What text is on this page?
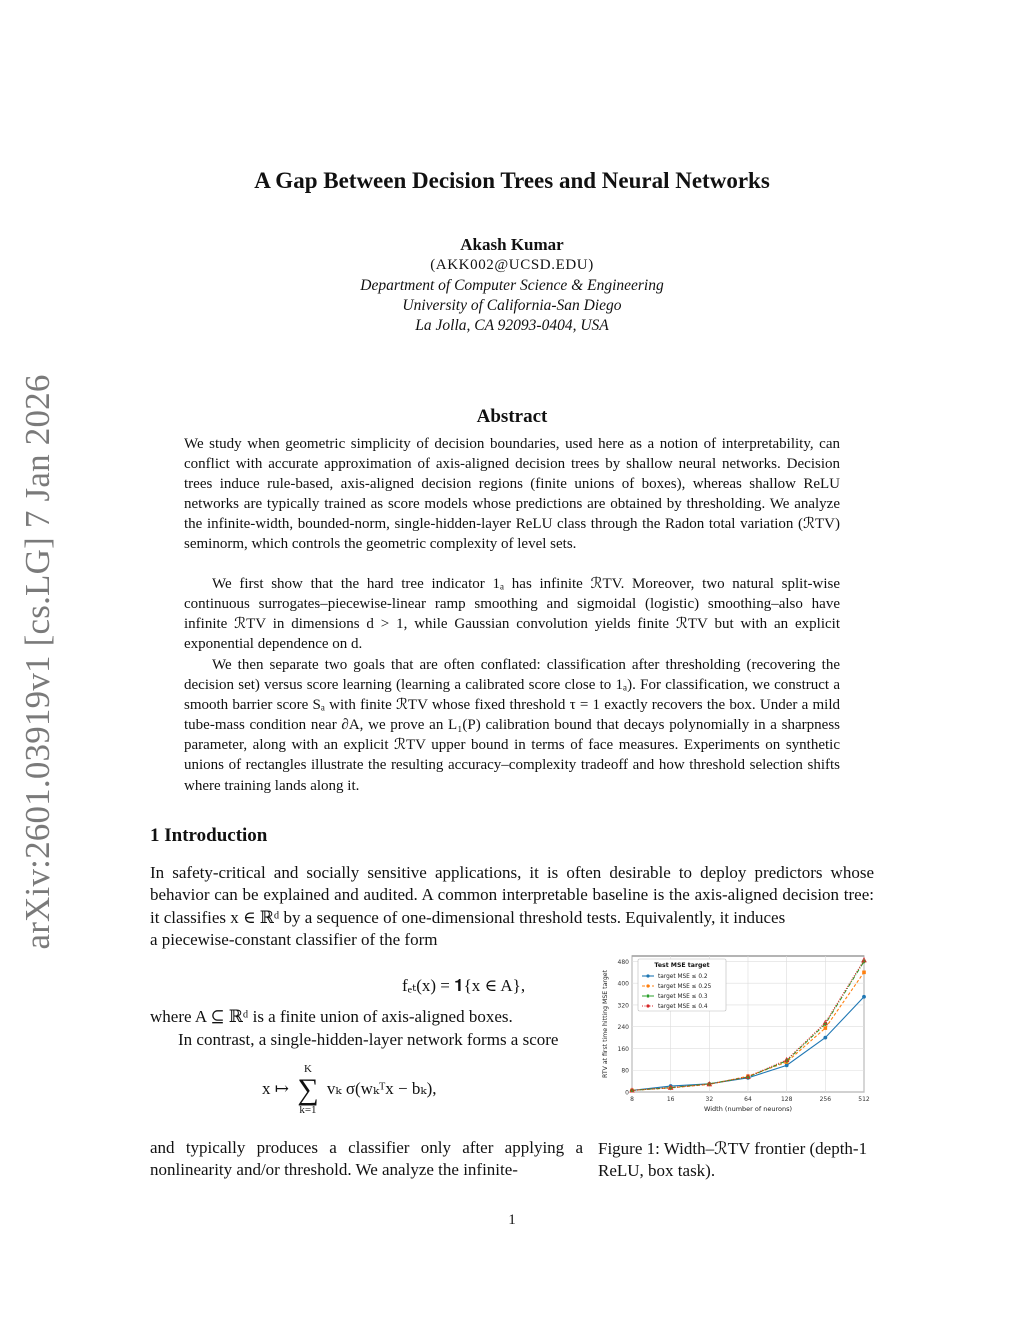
arXiv:2601.03919v1 [cs.LG] 7 Jan 2026
A Gap Between Decision Trees and Neural Networks
Akash Kumar
(AKK002@UCSD.EDU)
Department of Computer Science & Engineering
University of California-San Diego
La Jolla, CA 92093-0404, USA
Abstract
We study when geometric simplicity of decision boundaries, used here as a notion of interpretability, can conflict with accurate approximation of axis-aligned decision trees by shallow neural networks. Decision trees induce rule-based, axis-aligned decision regions (finite unions of boxes), whereas shallow ReLU networks are typically trained as score models whose predictions are obtained by thresholding. We analyze the infinite-width, bounded-norm, single-hidden-layer ReLU class through the Radon total variation (ℛTV) seminorm, which controls the geometric complexity of level sets.
We first show that the hard tree indicator 1ₐ has infinite ℛTV. Moreover, two natural split-wise continuous surrogates–piecewise-linear ramp smoothing and sigmoidal (logistic) smoothing–also have infinite ℛTV in dimensions d > 1, while Gaussian convolution yields finite ℛTV but with an explicit exponential dependence on d.
We then separate two goals that are often conflated: classification after thresholding (recovering the decision set) versus score learning (learning a calibrated score close to 1ₐ). For classification, we construct a smooth barrier score Sₐ with finite ℛTV whose fixed threshold τ = 1 exactly recovers the box. Under a mild tube-mass condition near ∂A, we prove an L₁(P) calibration bound that decays polynomially in a sharpness parameter, along with an explicit ℛTV upper bound in terms of face measures. Experiments on synthetic unions of rectangles illustrate the resulting accuracy–complexity tradeoff and how threshold selection shifts where training lands along it.
1 Introduction
In safety-critical and socially sensitive applications, it is often desirable to deploy predictors whose behavior can be explained and audited. A common interpretable baseline is the axis-aligned decision tree: it classifies x ∈ ℝᵈ by a sequence of one-dimensional threshold tests. Equivalently, it induces
a piecewise-constant classifier of the form
fₑₜ(x) = 𝟏{x ∈ A},
where A ⊆ ℝᵈ is a finite union of axis-aligned boxes.
In contrast, a single-hidden-layer network forms a score
x ↦
K
∑
k=1
vₖ σ(wₖᵀx − bₖ),
and typically produces a classifier only after applying a nonlinearity and/or threshold. We analyze the infinite-
0
80
160
240
320
400
480
8	16	32	64	128	256	512
Width (number of neurons)
RTV at first time hitting MSE target
Test MSE target
target MSE ≤ 0.2
target MSE ≤ 0.25
target MSE ≤ 0.3
target MSE ≤ 0.4
Figure 1: Width–ℛTV frontier (depth-1 ReLU, box task).
1
